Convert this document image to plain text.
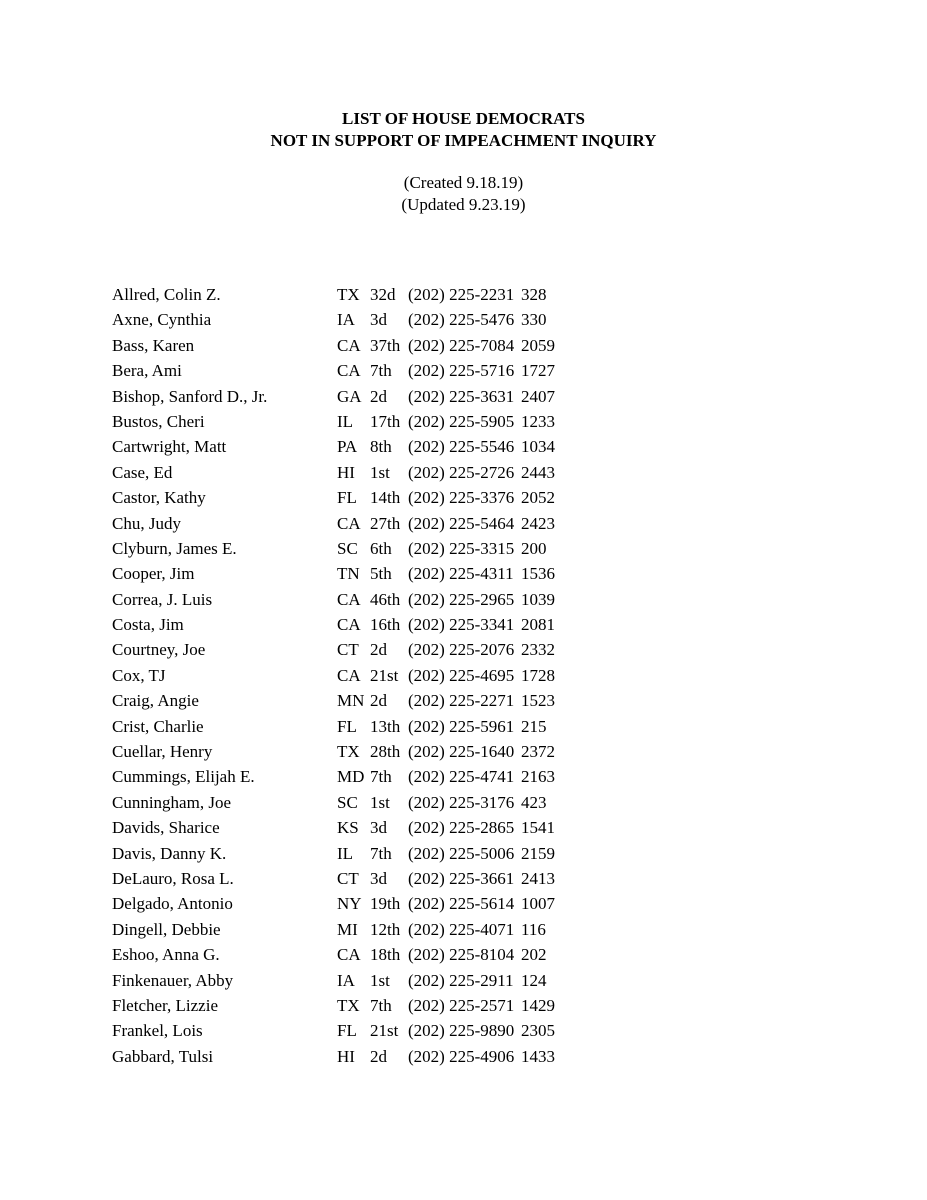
LIST OF HOUSE DEMOCRATS
NOT IN SUPPORT OF IMPEACHMENT INQUIRY
(Created 9.18.19)
(Updated 9.23.19)
Allred, Colin Z.	TX 32d (202) 225-2231 328
Axne, Cynthia	IA 3d (202) 225-5476 330
Bass, Karen	CA 37th (202) 225-7084 2059
Bera, Ami	CA 7th (202) 225-5716 1727
Bishop, Sanford D., Jr.	GA 2d (202) 225-3631 2407
Bustos, Cheri	IL 17th (202) 225-5905 1233
Cartwright, Matt	PA 8th (202) 225-5546 1034
Case, Ed	HI 1st (202) 225-2726 2443
Castor, Kathy	FL 14th (202) 225-3376 2052
Chu, Judy	CA 27th (202) 225-5464 2423
Clyburn, James E.	SC 6th (202) 225-3315 200
Cooper, Jim	TN 5th (202) 225-4311 1536
Correa, J. Luis	CA 46th (202) 225-2965 1039
Costa, Jim	CA 16th (202) 225-3341 2081
Courtney, Joe	CT 2d (202) 225-2076 2332
Cox, TJ	CA 21st (202) 225-4695 1728
Craig, Angie	MN 2d (202) 225-2271 1523
Crist, Charlie	FL 13th (202) 225-5961 215
Cuellar, Henry	TX 28th (202) 225-1640 2372
Cummings, Elijah E.	MD 7th (202) 225-4741 2163
Cunningham, Joe	SC 1st (202) 225-3176 423
Davids, Sharice	KS 3d (202) 225-2865 1541
Davis, Danny K.	IL 7th (202) 225-5006 2159
DeLauro, Rosa L.	CT 3d (202) 225-3661 2413
Delgado, Antonio	NY 19th (202) 225-5614 1007
Dingell, Debbie	MI 12th (202) 225-4071 116
Eshoo, Anna G.	CA 18th (202) 225-8104 202
Finkenauer, Abby	IA 1st (202) 225-2911 124
Fletcher, Lizzie	TX 7th (202) 225-2571 1429
Frankel, Lois	FL 21st (202) 225-9890 2305
Gabbard, Tulsi	HI 2d (202) 225-4906 1433
